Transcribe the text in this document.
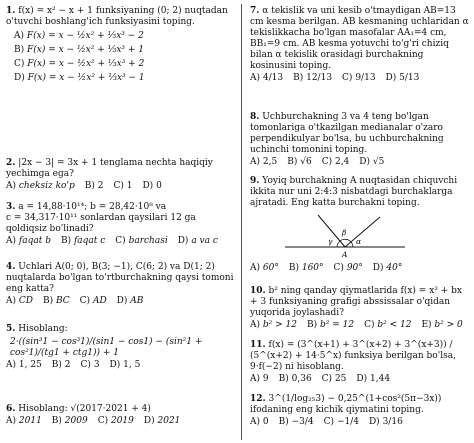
1. f(x) = x² − x + 1 funksiyaning (0; 2) nuqtadan o'tuvchi boshlang'ich funksiyasini toping.
A) F(x) = x − ½x² + ⅓x³ − 2
B) F(x) = x − ½x² + ⅓x³ + 1
C) F(x) = x − ½x² + ⅓x³ + 2
D) F(x) = x − ½x² + ⅓x³ − 1
2. |2x − 3| = 3x + 1 tenglama nechta haqiqiy yechimga ega?
A) cheksiz ko'p B) 2 C) 1 D) 0
3. a = 14,88·10¹⁴; b = 28,42·10⁸ va
c = 34,317·10¹¹ sonlardan qaysilari 12 ga qoldiqsiz bo'linadi?
A) faqat b B) faqat c C) barchasi D) a va c
4. Uchlari A(0; 0), B(3; −1), C(6; 2) va D(1; 2) nuqtalarda bo'lgan to'rtburchakning qaysi tomoni eng katta?
A) CD B) BC C) AD D) AB
5. Hisoblang:
2·((sin³1 − cos³1)/(sin1 − cos1) − (sin²1 + cos²1)/(tg1 + ctg1)) + 1
A) 1, 25 B) 2 C) 3 D) 1, 5
6. Hisoblang: √(2017·2021 + 4)
A) 2011 B) 2009 C) 2019 D) 2021
7. α tekislik va uni kesib o'tmaydigan AB=13 cm kesma berilgan. AB kesmaning uchlaridan α tekislikkacha bo'lgan masofalar AA₁=4 cm, BB₁=9 cm. AB kesma yotuvchi to'g'ri chiziq bilan α tekislik orasidagi burchakning kosinusini toping.
A) 4/13 B) 12/13 C) 9/13 D) 5/13
8. Uchburchakning 3 va 4 teng bo'lgan tomonlariga o'tkazilgan medianalar o'zaro perpendikulyar bo'lsa, bu uchburchakning uchinchi tomonini toping.
A) 2,5 B) √6 C) 2,4 D) √5
9. Yoyiq burchakning A nuqtasidan chiquvchi ikkita nur uni 2:4:3 nisbatdagi burchaklarga ajratadi. Eng katta burchakni toping.
β
γ	α
A
A) 60° B) 160° C) 90° D) 40°
10. b² ning qanday qiymatlarida f(x) = x² + bx + 3 funksiyaning grafigi abssissalar o'qidan yuqorida joylashadi?
A) b² > 12 B) b² = 12 C) b² < 12 E) b² > 0
11. f(x) = (3^(x+1) + 3^(x+2) + 3^(x+3)) / (5^(x+2) + 14·5^x) funksiya berilgan bo'lsa, 9·f(−2) ni hisoblang.
A) 9 B) 0,36 C) 25 D) 1,44
12. 3^(1/log₂₅3) − 0,25^(1+cos²(5π−3x)) ifodaning eng kichik qiymatini toping.
A) 0 B) −3/4 C) −1/4 D) 3/16
